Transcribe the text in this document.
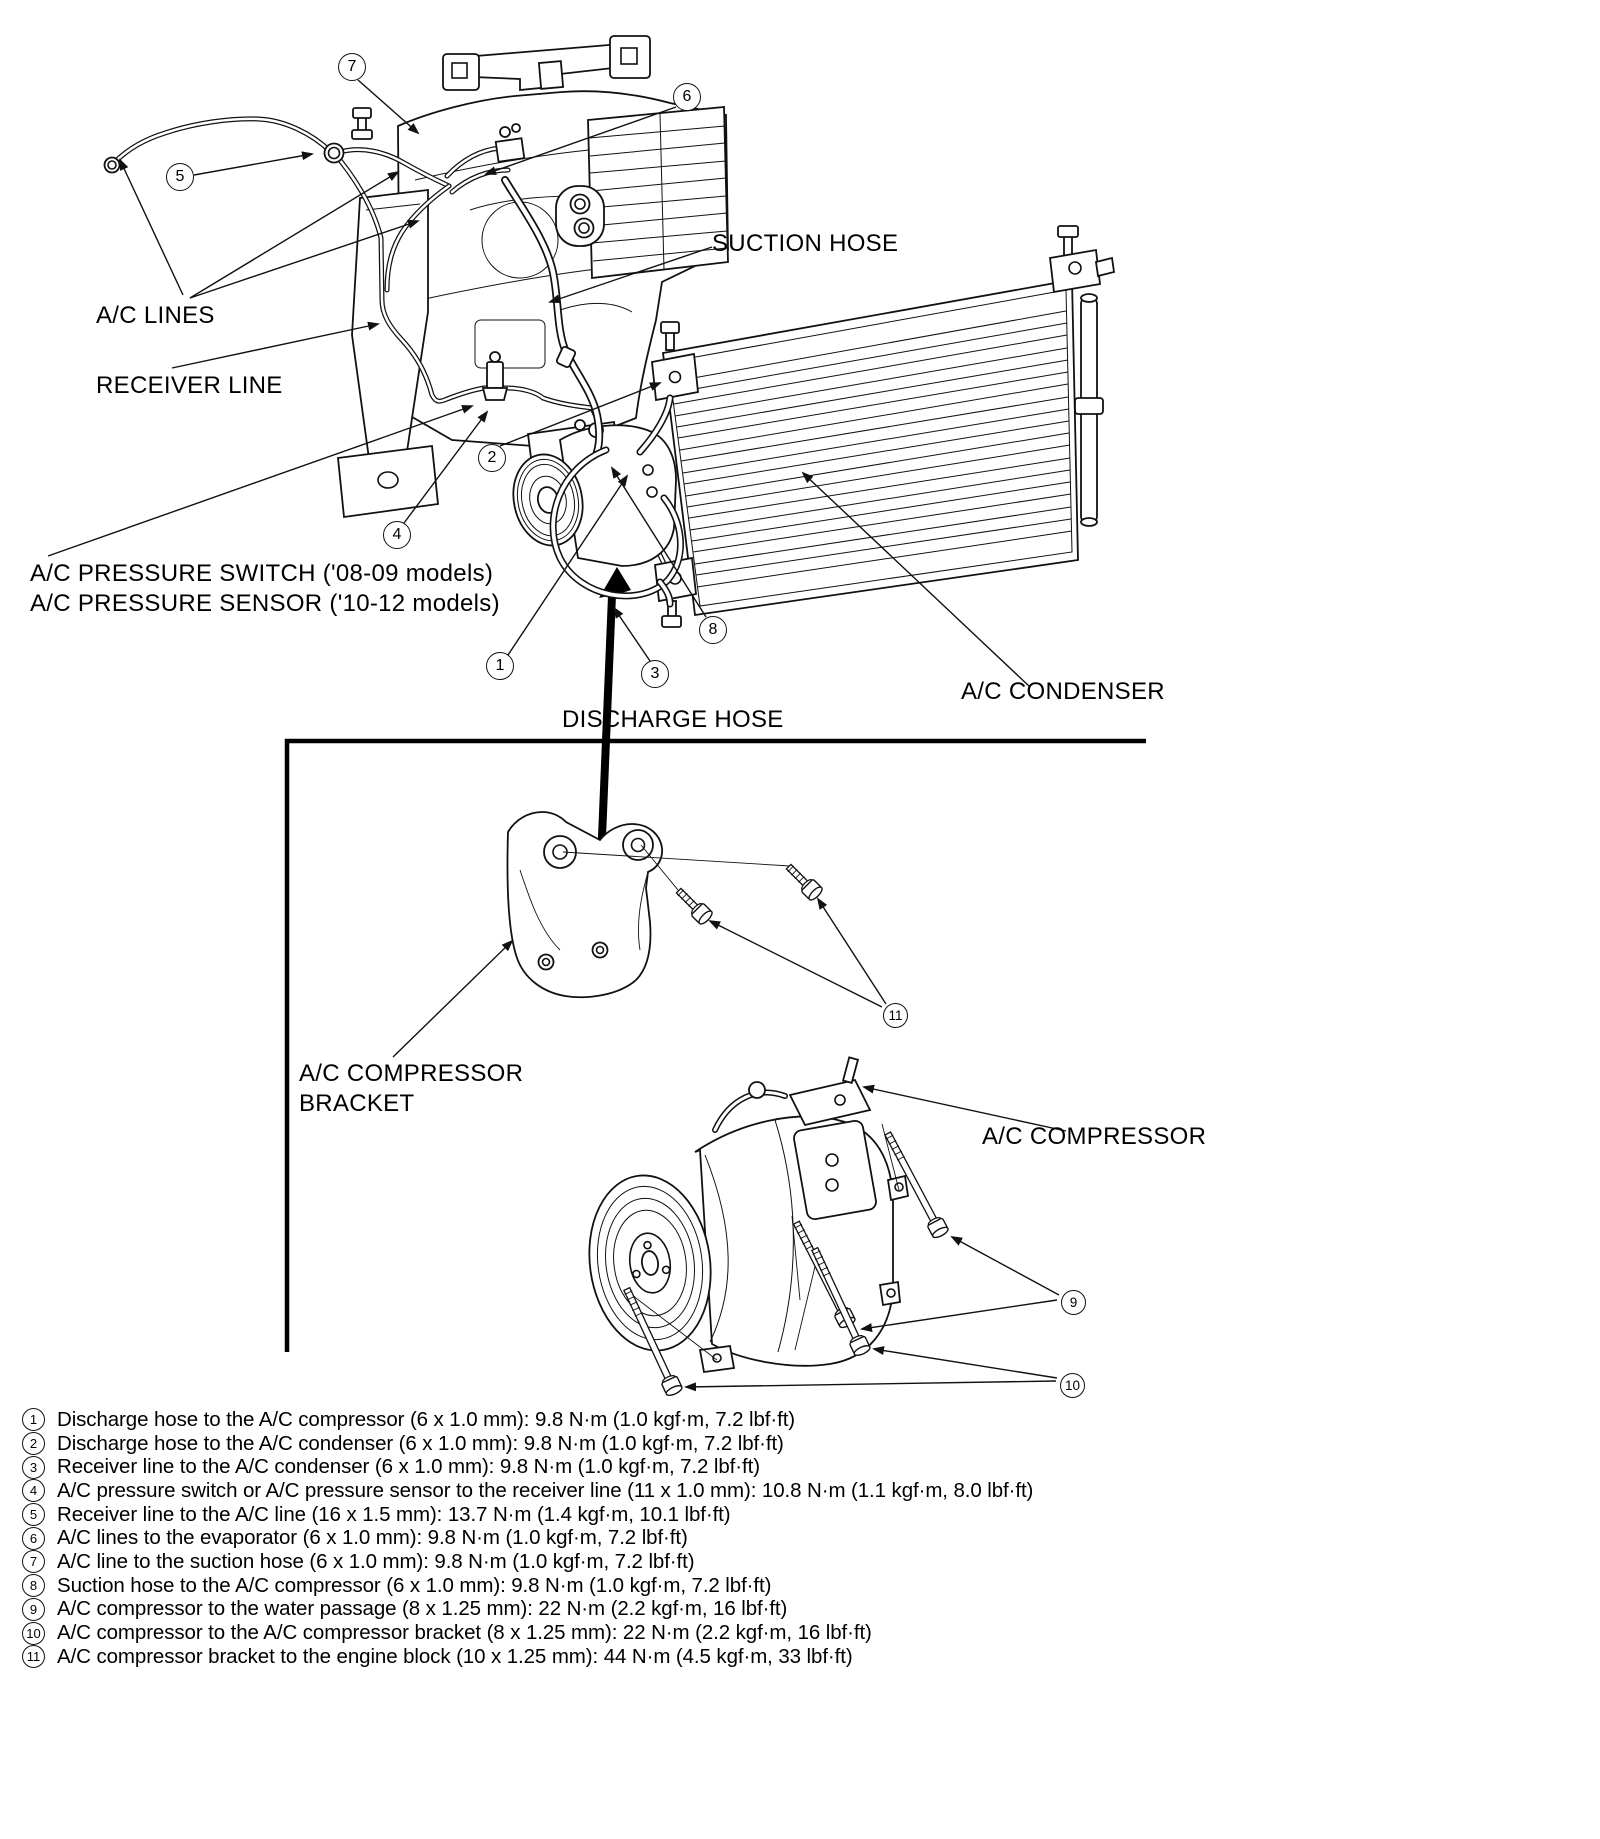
SUCTION HOSE
A/C LINES
RECEIVER LINE
A/C PRESSURE SWITCH ('08-09 models)
A/C PRESSURE SENSOR ('10-12 models)
DISCHARGE HOSE
A/C CONDENSER
A/C COMPRESSOR
BRACKET
A/C COMPRESSOR
1
2
3
4
5
6
7
8
9
10
11
1 Discharge hose to the A/C compressor (6 x 1.0 mm): 9.8 N·m (1.0 kgf·m, 7.2 lbf·ft)
2 Discharge hose to the A/C condenser (6 x 1.0 mm): 9.8 N·m (1.0 kgf·m, 7.2 lbf·ft)
3 Receiver line to the A/C condenser (6 x 1.0 mm): 9.8 N·m (1.0 kgf·m, 7.2 lbf·ft)
4 A/C pressure switch or A/C pressure sensor to the receiver line (11 x 1.0 mm): 10.8 N·m (1.1 kgf·m, 8.0 lbf·ft)
5 Receiver line to the A/C line (16 x 1.5 mm): 13.7 N·m (1.4 kgf·m, 10.1 lbf·ft)
6 A/C lines to the evaporator (6 x 1.0 mm): 9.8 N·m (1.0 kgf·m, 7.2 lbf·ft)
7 A/C line to the suction hose (6 x 1.0 mm): 9.8 N·m (1.0 kgf·m, 7.2 lbf·ft)
8 Suction hose to the A/C compressor (6 x 1.0 mm): 9.8 N·m (1.0 kgf·m, 7.2 lbf·ft)
9 A/C compressor to the water passage (8 x 1.25 mm): 22 N·m (2.2 kgf·m, 16 lbf·ft)
10 A/C compressor to the A/C compressor bracket (8 x 1.25 mm): 22 N·m (2.2 kgf·m, 16 lbf·ft)
11 A/C compressor bracket to the engine block (10 x 1.25 mm): 44 N·m (4.5 kgf·m, 33 lbf·ft)
